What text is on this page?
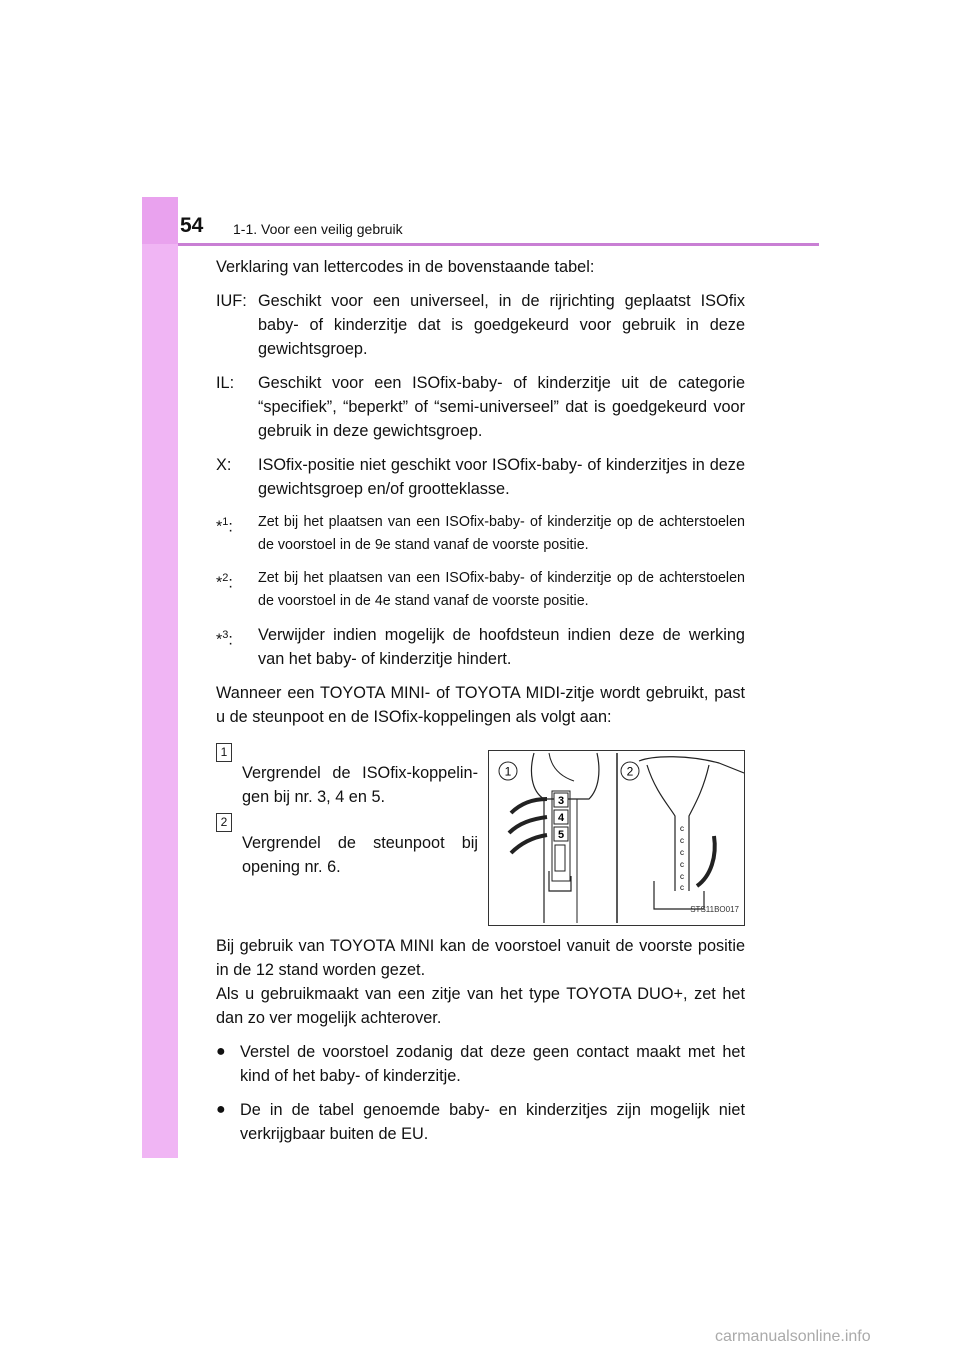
54 1-1. Voor een veilig gebruik

Verklaring van lettercodes in de bovenstaande tabel:

IUF: Geschikt voor een universeel, in de rijrichting geplaatst ISOfix baby- of kinderzitje dat is goedgekeurd voor gebruik in deze gewichtsgroep.
IL:	Geschikt voor een ISOfix-baby- of kinderzitje uit de categorie “specifiek”, “beperkt” of “semi-universeel” dat is goedgekeurd voor gebruik in deze gewichtsgroep.
X:	ISOfix-positie niet geschikt voor ISOfix-baby- of kinderzitjes in deze gewichtsgroep en/of grootteklasse.
*$^1$:	Zet bij het plaatsen van een ISOfix-baby- of kinderzitje op de achterstoelen de voorstoel in de 9e stand vanaf de voorste positie.
*$^2$:	Zet bij het plaatsen van een ISOfix-baby- of kinderzitje op de achterstoelen de voorstoel in de 4e stand vanaf de voorste positie.
*$^3$:	Verwijder indien mogelijk de hoofdsteun indien deze de werking van het baby- of kinderzitje hindert.

Wanneer een TOYOTA MINI- of TOYOTA MIDI-zitje wordt gebruikt, past u de steunpoot en de ISOfix-koppelingen als volgt aan:

1
Vergrendel de ISOfix-koppelin-gen bij nr. 3, 4 en 5.
2
Vergrendel de steunpoot bij opening nr. 6.
3
4
5
1
c
c
c
c
c
c
2
STS11BO017

Bij gebruik van TOYOTA MINI kan de voorstoel vanuit de voorste positie in de 12 stand worden gezet.

Als u gebruikmaakt van een zitje van het type TOYOTA DUO+, zet het dan zo ver mogelijk achterover.

● Verstel de voorstoel zodanig dat deze geen contact maakt met het kind of het baby- of kinderzitje.
● De in de tabel genoemde baby- en kinderzitjes zijn mogelijk niet verkrijgbaar buiten de EU.
carmanualsonline.info
